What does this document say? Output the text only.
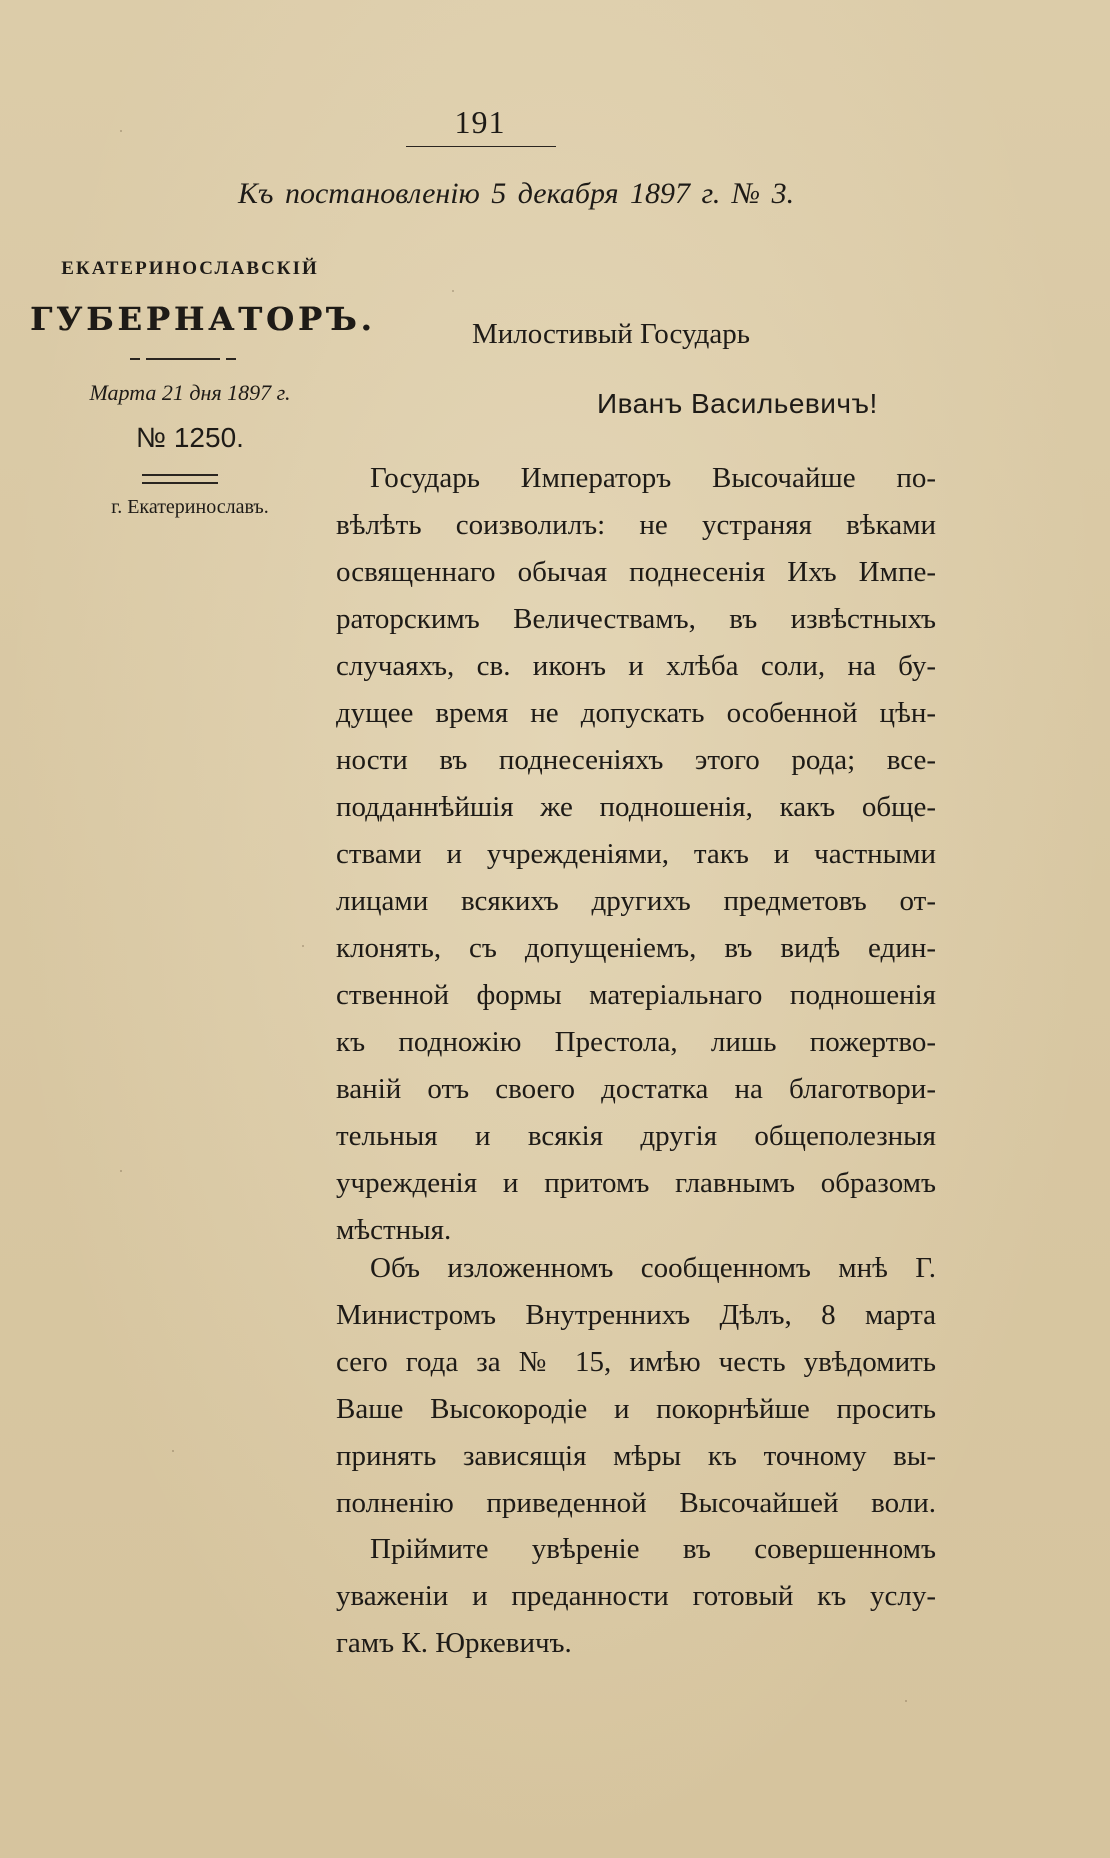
191
Къ постановленію 5 декабря 1897 г. № 3.
ЕКАТЕРИНОСЛАВСКІЙ
ГУБЕРНАТОРЪ.
Марта 21 дня 1897 г.
№ 1250.
г. Екатеринославъ.
Милостивый Государь
Иванъ Васильевичъ!
Государь Императоръ Высочайше по-
вѣлѣть соизволилъ: не устраняя вѣками
освященнаго обычая поднесенія Ихъ Импе-
раторскимъ Величествамъ, въ извѣстныхъ
случаяхъ, св. иконъ и хлѣба соли, на бу-
дущее время не допускать особенной цѣн-
ности въ поднесеніяхъ этого рода; все-
подданнѣйшія же подношенія, какъ обще-
ствами и учрежденіями, такъ и частными
лицами всякихъ другихъ предметовъ от-
клонять, съ допущеніемъ, въ видѣ един-
ственной формы матеріальнаго подношенія
къ подножію Престола, лишь пожертво-
ваній отъ своего достатка на благотвори-
тельныя и всякія другія общеполезныя
учрежденія и притомъ главнымъ образомъ
мѣстныя.
Объ изложенномъ сообщенномъ мнѣ Г.
Министромъ Внутреннихъ Дѣлъ, 8 марта
сего года за № 15, имѣю честь увѣдомить
Ваше Высокородіе и покорнѣйше просить
принять зависящія мѣры къ точному вы-
полненію приведенной Высочайшей воли.
Пріймите увѣреніе въ совершенномъ
уваженіи и преданности готовый къ услу-
гамъ К. Юркевичъ.
